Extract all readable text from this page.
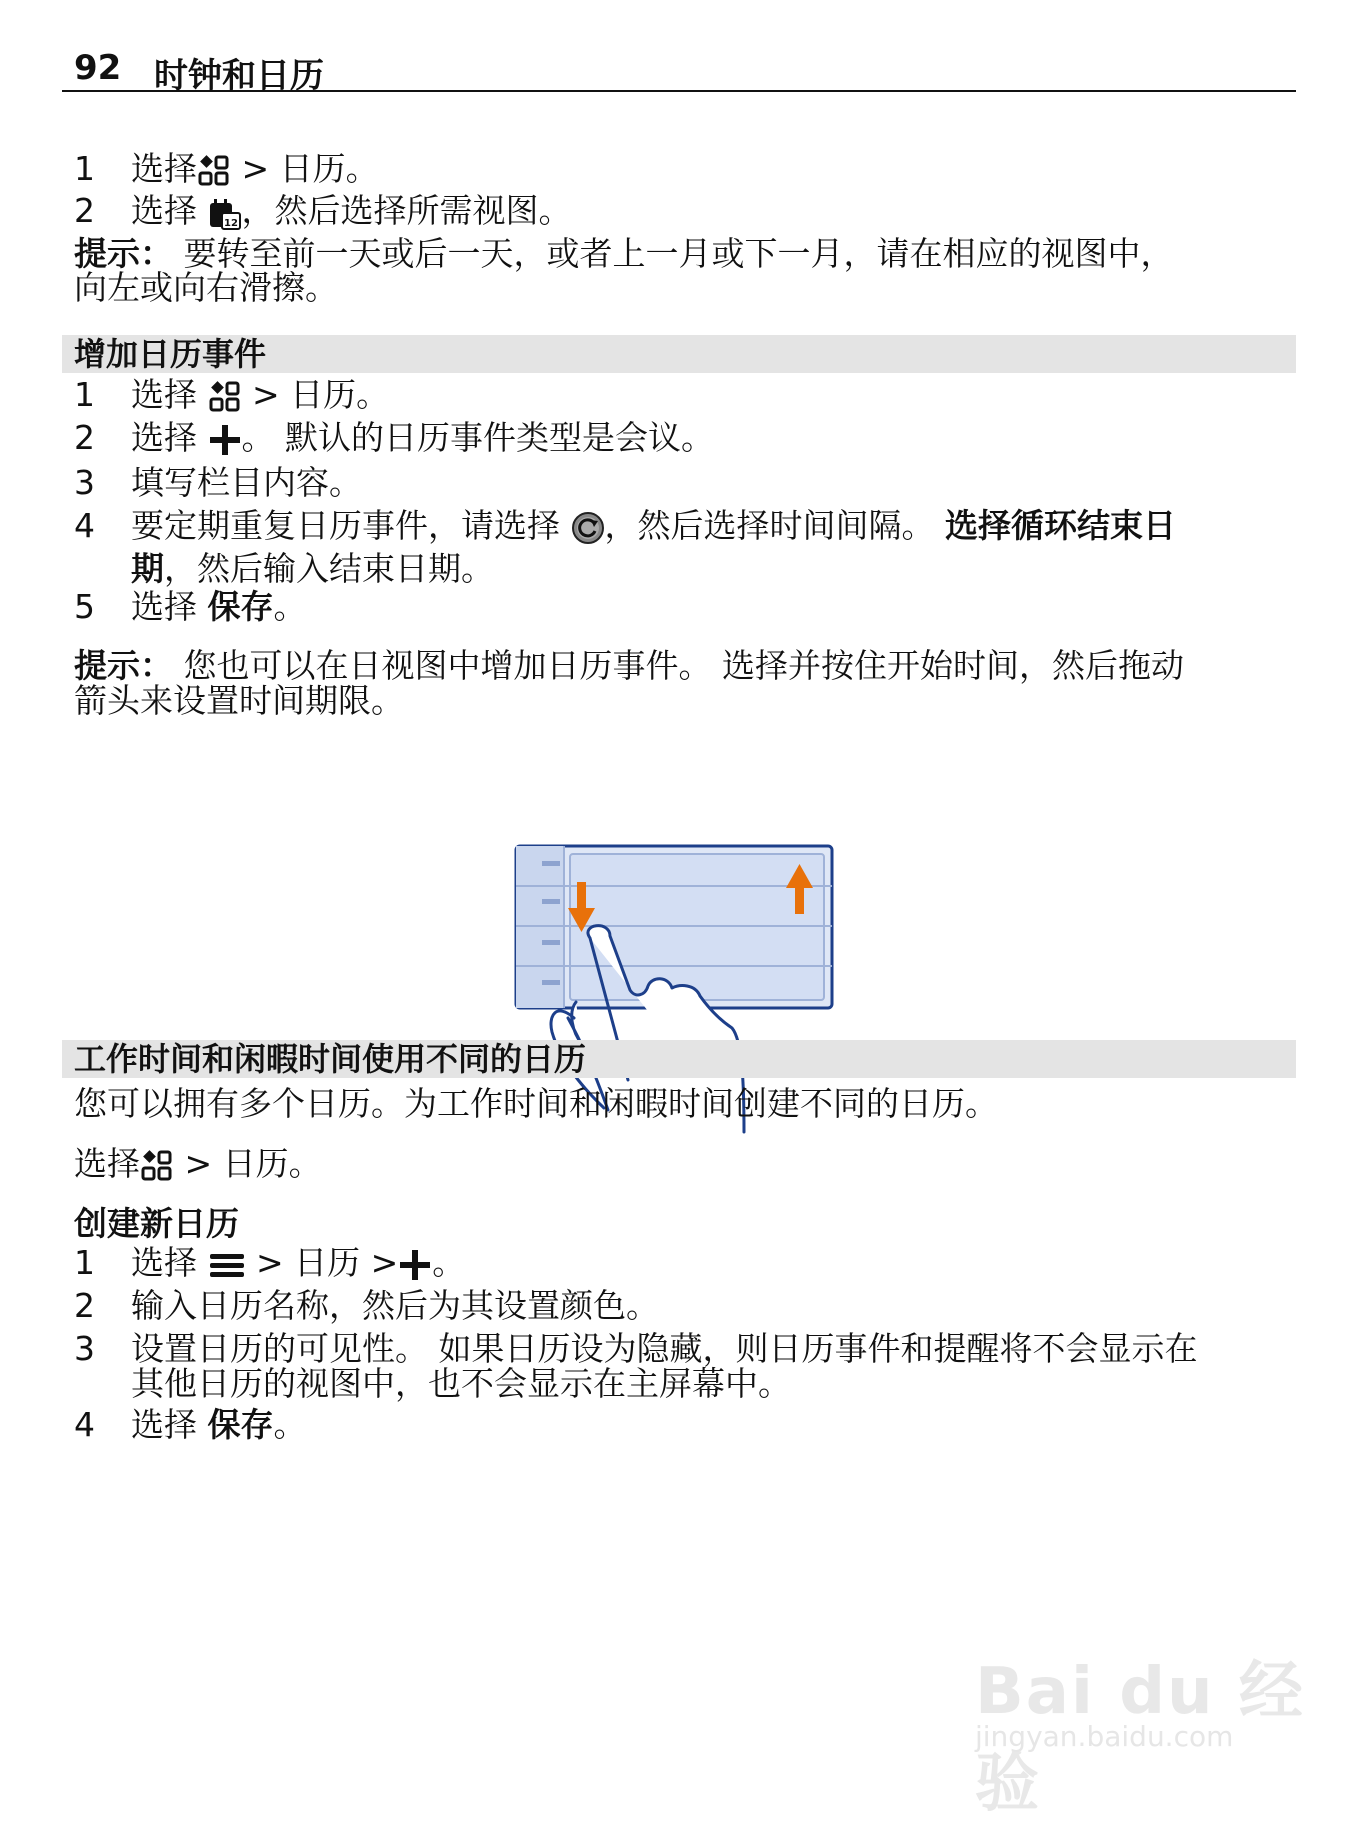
92 时钟和日历
1	选择 > 日历。
2	选择 12 ，然后选择所需视图。
提示： 要转至前一天或后一天，或者上一月或下一月，请在相应的视图中，
向左或向右滑擦。
增加日历事件
1	选择  > 日历。
2	选择 。 默认的日历事件类型是会议。
3	填写栏目内容。
4	要定期重复日历事件，请选择 ，然后选择时间间隔。 选择循环结束日
期，然后输入结束日期。
5	选择 保存。
提示： 您也可以在日视图中增加日历事件。 选择并按住开始时间，然后拖动
箭头来设置时间期限。
工作时间和闲暇时间使用不同的日历
您可以拥有多个日历。为工作时间和闲暇时间创建不同的日历。
选择 > 日历。
创建新日历
1	选择  > 日历 > 。
2	输入日历名称，然后为其设置颜色。
3	设置日历的可见性。 如果日历设为隐藏，则日历事件和提醒将不会显示在
其他日历的视图中，也不会显示在主屏幕中。
4	选择 保存。
Bai du 经验
jingyan.baidu.com
